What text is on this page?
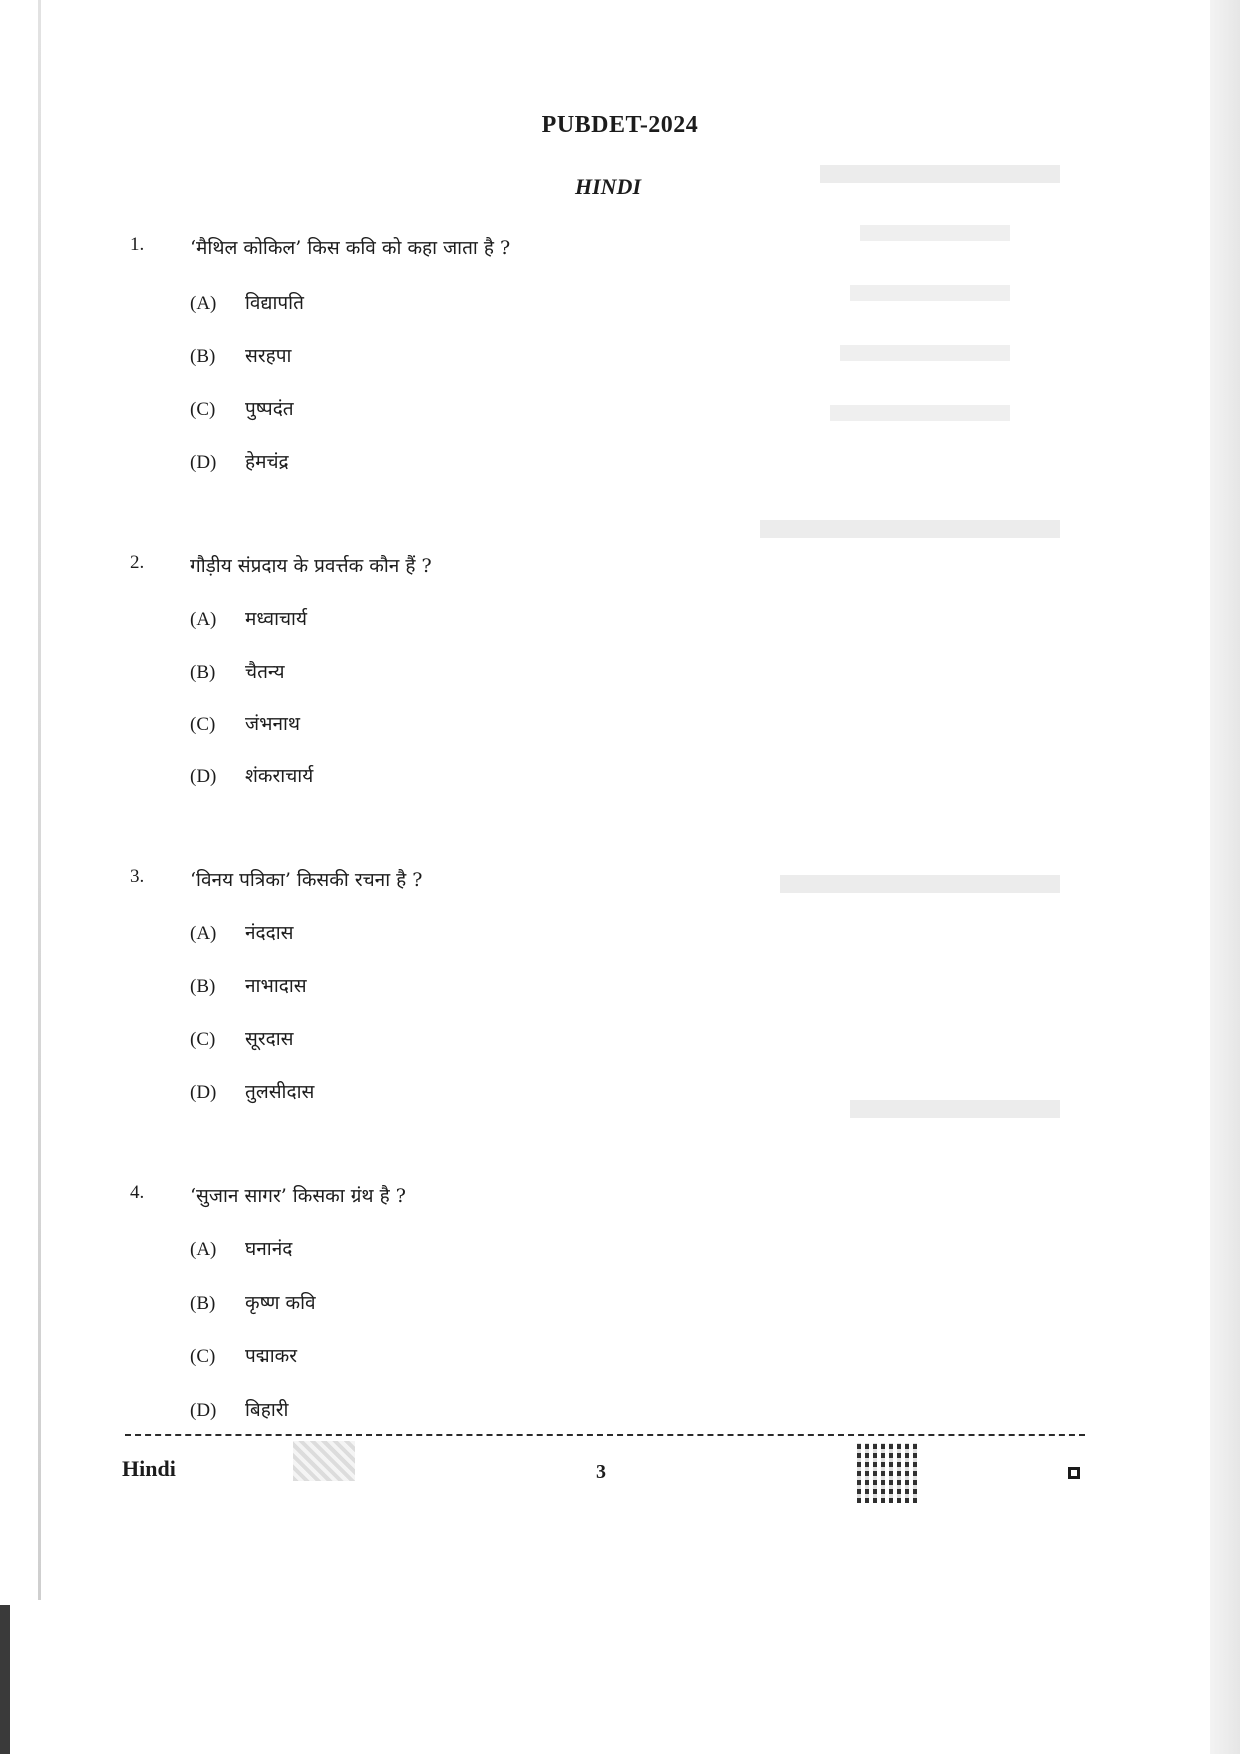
PUBDET-2024
HINDI
1. ‘मैथिल कोकिल’ किस कवि को कहा जाता है ?
(A) विद्यापति
(B) सरहपा
(C) पुष्पदंत
(D) हेमचंद्र
2. गौड़ीय संप्रदाय के प्रवर्त्तक कौन हैं ?
(A) मध्वाचार्य
(B) चैतन्य
(C) जंभनाथ
(D) शंकराचार्य
3. ‘विनय पत्रिका’ किसकी रचना है ?
(A) नंददास
(B) नाभादास
(C) सूरदास
(D) तुलसीदास
4. ‘सुजान सागर’ किसका ग्रंथ है ?
(A) घनानंद
(B) कृष्ण कवि
(C) पद्माकर
(D) बिहारी
Hindi	3
